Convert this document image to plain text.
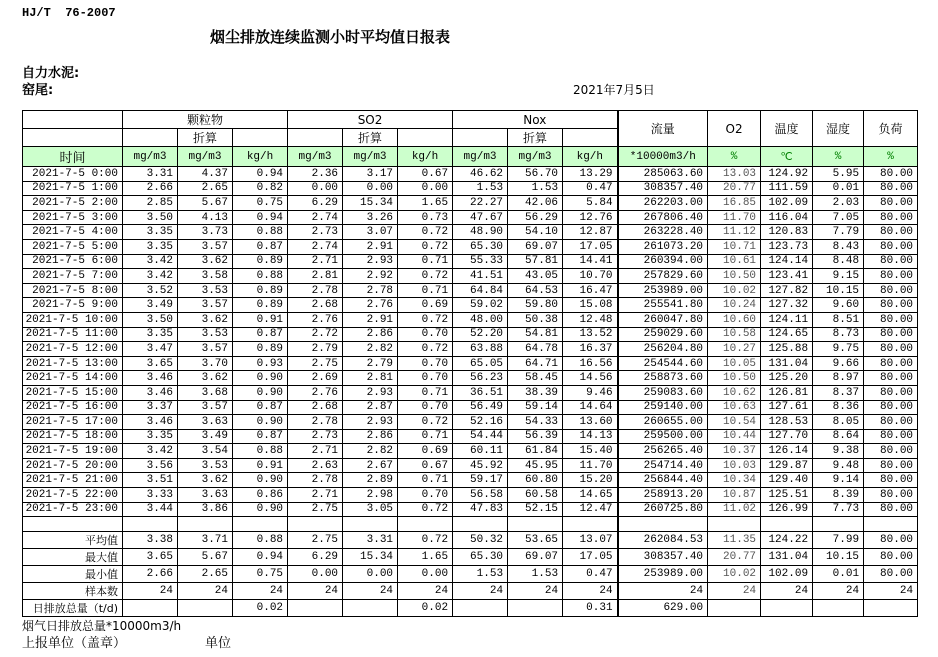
HJ/T  76-2007
烟尘排放连续监测小时平均值日报表
自力水泥:
窑尾:	2021年7月5日
	颗粒物			SO2			Nox			流量	O2	温度	湿度	负荷
		折算			折算			折算						
时间	mg/m3	mg/m3	kg/h	mg/m3	mg/m3	kg/h	mg/m3	mg/m3	kg/h	*10000m3/h	%	℃	%	%
2021-7-5 0:00	3.31	4.37	0.94	2.36	3.17	0.67	46.62	56.70	13.29	285063.60	13.03	124.92	5.95	80.00
2021-7-5 1:00	2.66	2.65	0.82	0.00	0.00	0.00	1.53	1.53	0.47	308357.40	20.77	111.59	0.01	80.00
2021-7-5 2:00	2.85	5.67	0.75	6.29	15.34	1.65	22.27	42.06	5.84	262203.00	16.85	102.09	2.03	80.00
2021-7-5 3:00	3.50	4.13	0.94	2.74	3.26	0.73	47.67	56.29	12.76	267806.40	11.70	116.04	7.05	80.00
2021-7-5 4:00	3.35	3.73	0.88	2.73	3.07	0.72	48.90	54.10	12.87	263228.40	11.12	120.83	7.79	80.00
2021-7-5 5:00	3.35	3.57	0.87	2.74	2.91	0.72	65.30	69.07	17.05	261073.20	10.71	123.73	8.43	80.00
2021-7-5 6:00	3.42	3.62	0.89	2.71	2.93	0.71	55.33	57.81	14.41	260394.00	10.61	124.14	8.48	80.00
2021-7-5 7:00	3.42	3.58	0.88	2.81	2.92	0.72	41.51	43.05	10.70	257829.60	10.50	123.41	9.15	80.00
2021-7-5 8:00	3.52	3.53	0.89	2.78	2.78	0.71	64.84	64.53	16.47	253989.00	10.02	127.82	10.15	80.00
2021-7-5 9:00	3.49	3.57	0.89	2.68	2.76	0.69	59.02	59.80	15.08	255541.80	10.24	127.32	9.60	80.00
2021-7-5 10:00	3.50	3.62	0.91	2.76	2.91	0.72	48.00	50.38	12.48	260047.80	10.60	124.11	8.51	80.00
2021-7-5 11:00	3.35	3.53	0.87	2.72	2.86	0.70	52.20	54.81	13.52	259029.60	10.58	124.65	8.73	80.00
2021-7-5 12:00	3.47	3.57	0.89	2.79	2.82	0.72	63.88	64.78	16.37	256204.80	10.27	125.88	9.75	80.00
2021-7-5 13:00	3.65	3.70	0.93	2.75	2.79	0.70	65.05	64.71	16.56	254544.60	10.05	131.04	9.66	80.00
2021-7-5 14:00	3.46	3.62	0.90	2.69	2.81	0.70	56.23	58.45	14.56	258873.60	10.50	125.20	8.97	80.00
2021-7-5 15:00	3.46	3.68	0.90	2.76	2.93	0.71	36.51	38.39	9.46	259083.60	10.62	126.81	8.37	80.00
2021-7-5 16:00	3.37	3.57	0.87	2.68	2.87	0.70	56.49	59.14	14.64	259140.00	10.63	127.61	8.36	80.00
2021-7-5 17:00	3.46	3.63	0.90	2.78	2.93	0.72	52.16	54.33	13.60	260655.00	10.54	128.53	8.05	80.00
2021-7-5 18:00	3.35	3.49	0.87	2.73	2.86	0.71	54.44	56.39	14.13	259500.00	10.44	127.70	8.64	80.00
2021-7-5 19:00	3.42	3.54	0.88	2.71	2.82	0.69	60.11	61.84	15.40	256265.40	10.37	126.14	9.38	80.00
2021-7-5 20:00	3.56	3.53	0.91	2.63	2.67	0.67	45.92	45.95	11.70	254714.40	10.03	129.87	9.48	80.00
2021-7-5 21:00	3.51	3.62	0.90	2.78	2.89	0.71	59.17	60.80	15.20	256844.40	10.34	129.40	9.14	80.00
2021-7-5 22:00	3.33	3.63	0.86	2.71	2.98	0.70	56.58	60.58	14.65	258913.20	10.87	125.51	8.39	80.00
2021-7-5 23:00	3.44	3.86	0.90	2.75	3.05	0.72	47.83	52.15	12.47	260725.80	11.02	126.99	7.73	80.00

平均值	3.38	3.71	0.88	2.75	3.31	0.72	50.32	53.65	13.07	262084.53	11.35	124.22	7.99	80.00
最大值	3.65	5.67	0.94	6.29	15.34	1.65	65.30	69.07	17.05	308357.40	20.77	131.04	10.15	80.00
最小值	2.66	2.65	0.75	0.00	0.00	0.00	1.53	1.53	0.47	253989.00	10.02	102.09	0.01	80.00
样本数	24	24	24	24	24	24	24	24	24	24	24	24	24	24
日排放总量（t/d)			0.02			0.02			0.31	629.00				
烟气日排放总量*10000m3/h
上报单位（盖章）	单位
